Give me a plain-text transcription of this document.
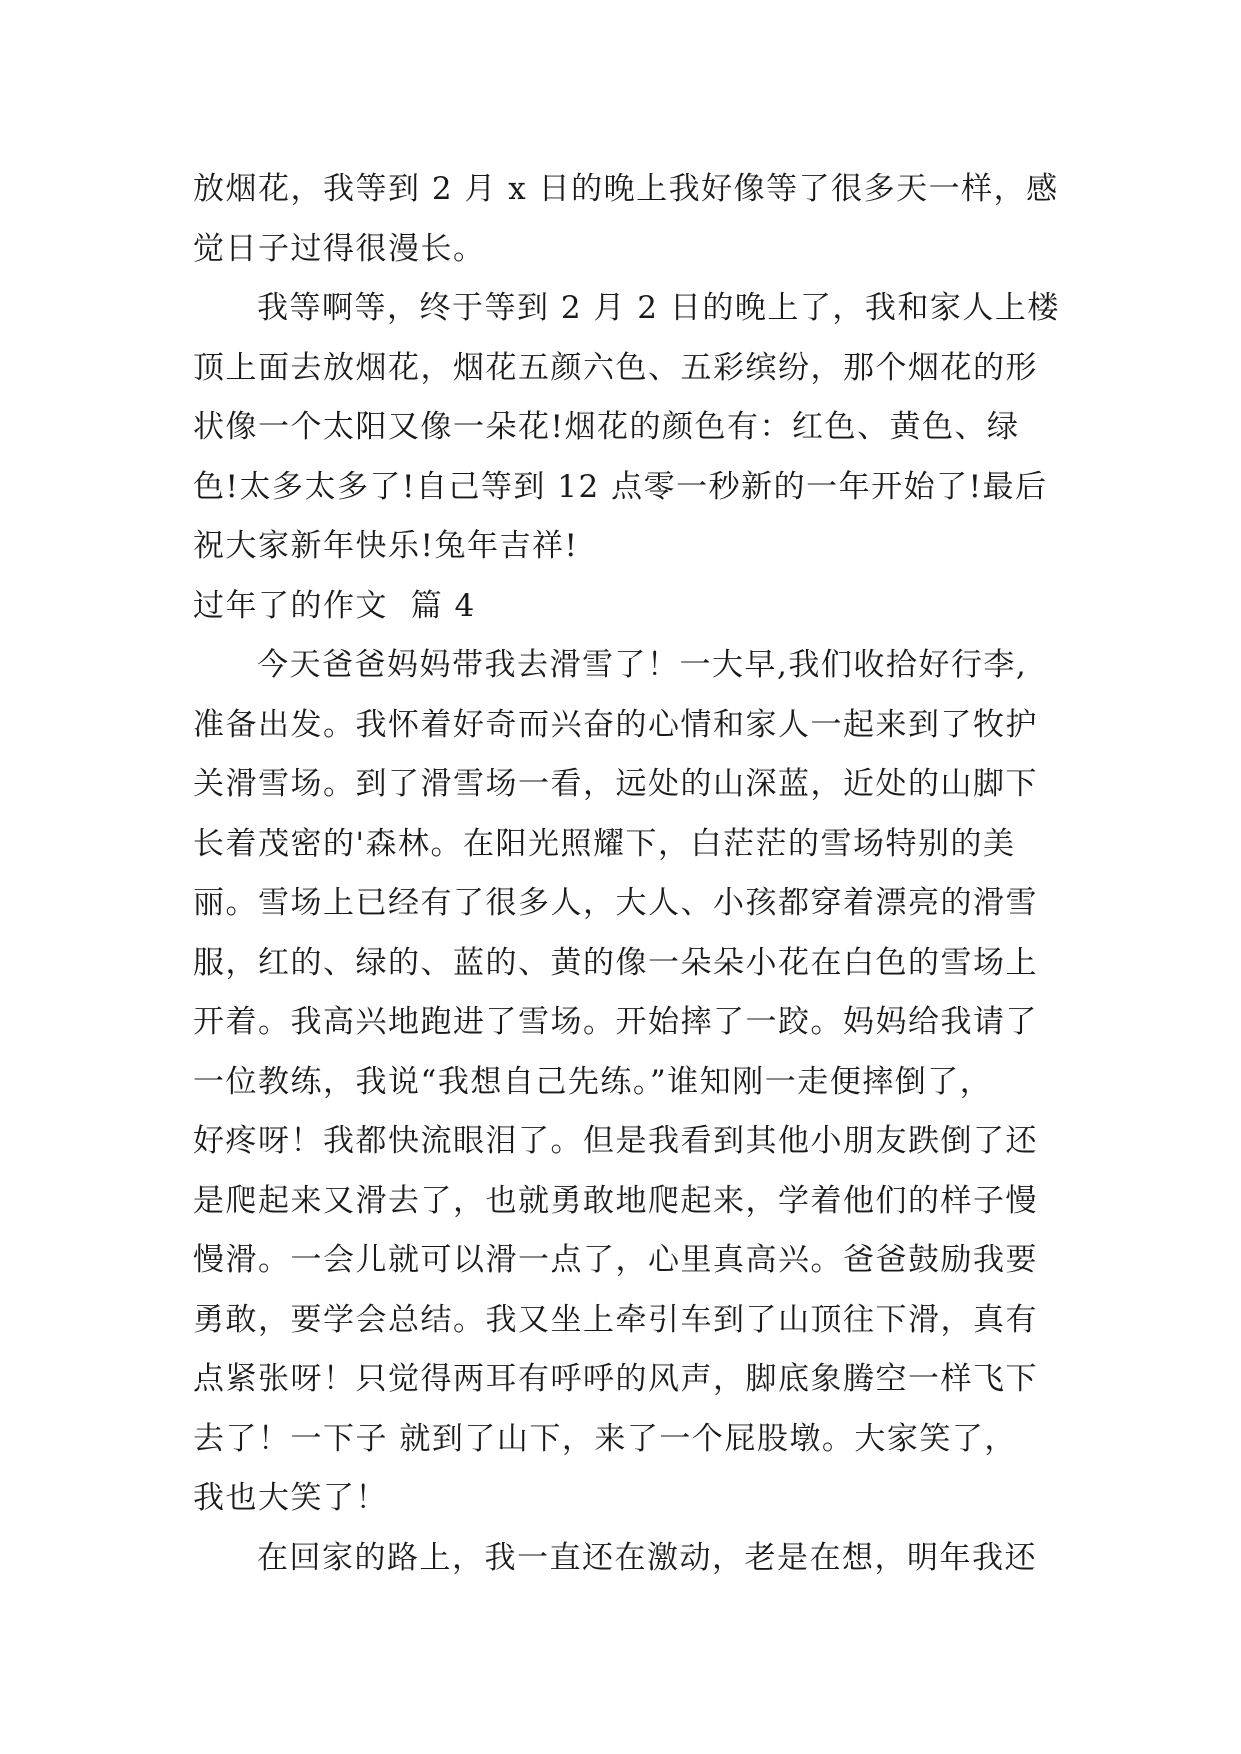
放烟花，我等到 2 月 x 日的晚上我好像等了很多天一样，感
觉日子过得很漫长。
我等啊等，终于等到 2 月 2 日的晚上了，我和家人上楼
顶上面去放烟花，烟花五颜六色、五彩缤纷，那个烟花的形
状像一个太阳又像一朵花!烟花的颜色有：红色、黄色、绿
色!太多太多了!自己等到 12 点零一秒新的一年开始了!最后
祝大家新年快乐!兔年吉祥!
过年了的作文  篇 4
今天爸爸妈妈带我去滑雪了！一大早,我们收拾好行李,
准备出发。我怀着好奇而兴奋的心情和家人一起来到了牧护
关滑雪场。到了滑雪场一看，远处的山深蓝，近处的山脚下
长着茂密的'森林。在阳光照耀下，白茫茫的雪场特别的美
丽。雪场上已经有了很多人，大人、小孩都穿着漂亮的滑雪
服，红的、绿的、蓝的、黄的像一朵朵小花在白色的雪场上
开着。我高兴地跑进了雪场。开始摔了一跤。妈妈给我请了
一位教练，我说“我想自己先练。”谁知刚一走便摔倒了，
好疼呀！我都快流眼泪了。但是我看到其他小朋友跌倒了还
是爬起来又滑去了，也就勇敢地爬起来，学着他们的样子慢
慢滑。一会儿就可以滑一点了，心里真高兴。爸爸鼓励我要
勇敢，要学会总结。我又坐上牵引车到了山顶往下滑，真有
点紧张呀！只觉得两耳有呼呼的风声，脚底象腾空一样飞下
去了！一下子 就到了山下，来了一个屁股墩。大家笑了，
我也大笑了！
在回家的路上，我一直还在激动，老是在想，明年我还
